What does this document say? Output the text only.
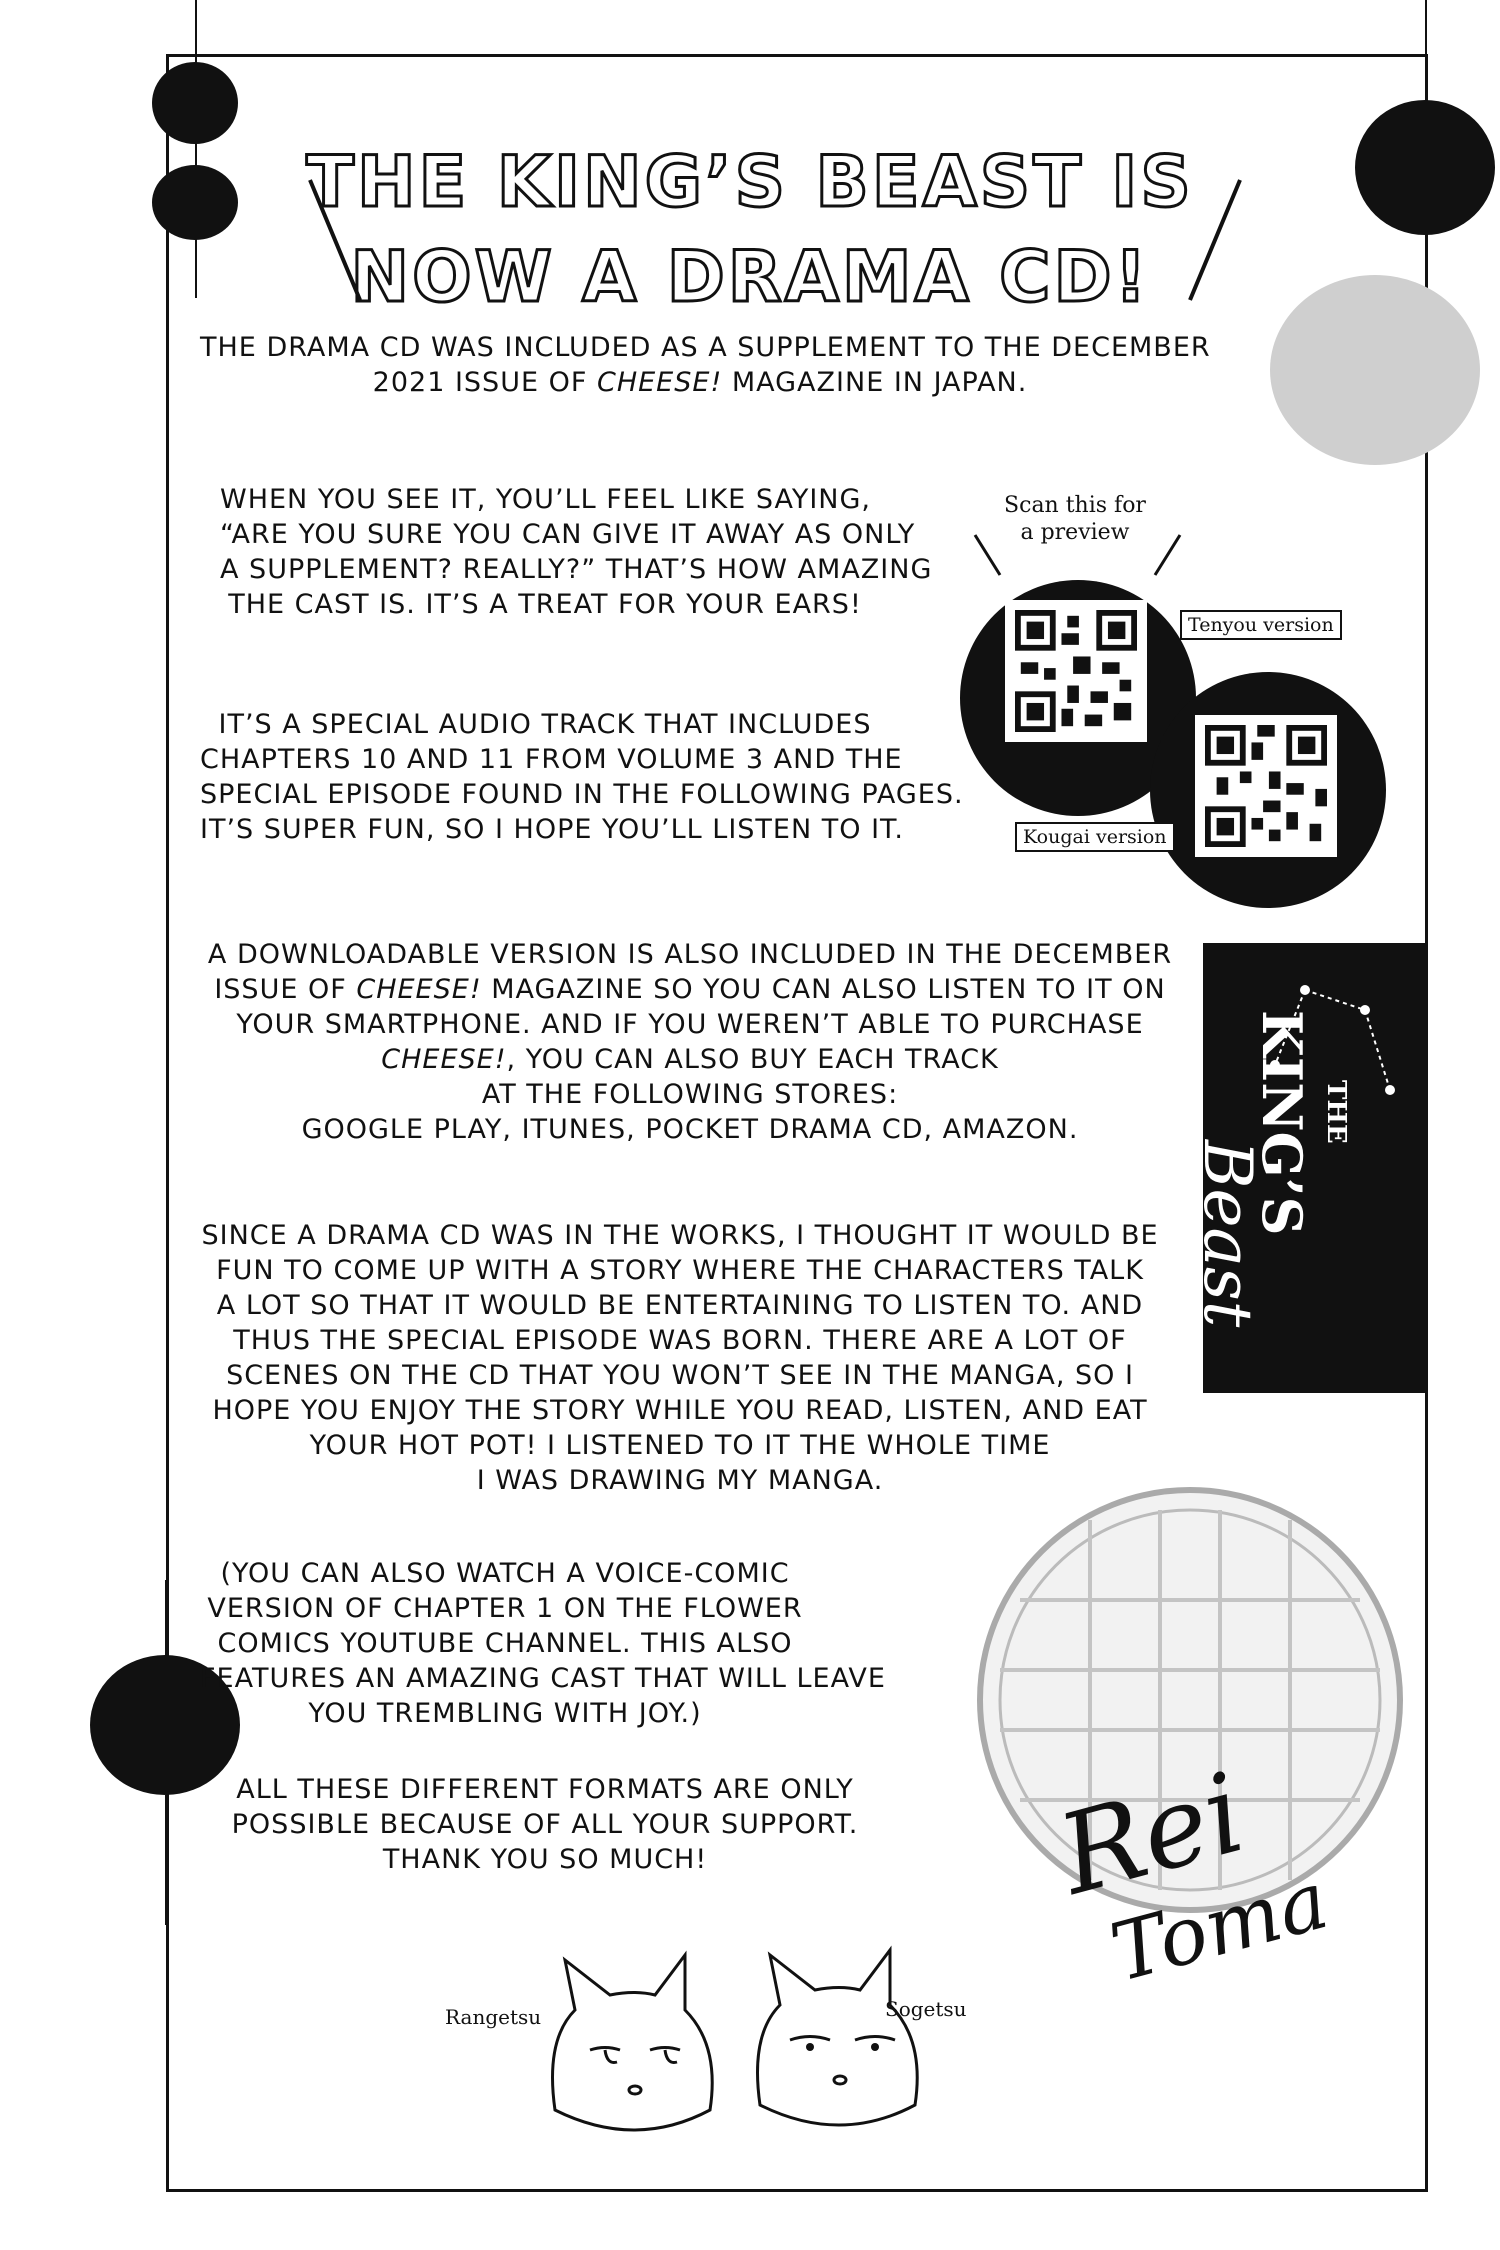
THE KING’S BEAST IS
NOW A DRAMA CD!
THE DRAMA CD WAS INCLUDED AS A SUPPLEMENT TO THE DECEMBER
2021 ISSUE OF CHEESE! MAGAZINE IN JAPAN.
WHEN YOU SEE IT, YOU’LL FEEL LIKE SAYING,
“ARE YOU SURE YOU CAN GIVE IT AWAY AS ONLY
A SUPPLEMENT? REALLY?” THAT’S HOW AMAZING
THE CAST IS. IT’S A TREAT FOR YOUR EARS!
IT’S A SPECIAL AUDIO TRACK THAT INCLUDES
CHAPTERS 10 AND 11 FROM VOLUME 3 AND THE
SPECIAL EPISODE FOUND IN THE FOLLOWING PAGES.
IT’S SUPER FUN, SO I HOPE YOU’LL LISTEN TO IT.
Scan this for
a preview
Tenyou version
Kougai version
A DOWNLOADABLE VERSION IS ALSO INCLUDED IN THE DECEMBER
ISSUE OF CHEESE! MAGAZINE SO YOU CAN ALSO LISTEN TO IT ON
YOUR SMARTPHONE. AND IF YOU WEREN’T ABLE TO PURCHASE
CHEESE!, YOU CAN ALSO BUY EACH TRACK
AT THE FOLLOWING STORES:
GOOGLE PLAY, ITUNES, POCKET DRAMA CD, AMAZON.	THE
KING’S
Beast
SINCE A DRAMA CD WAS IN THE WORKS, I THOUGHT IT WOULD BE
FUN TO COME UP WITH A STORY WHERE THE CHARACTERS TALK
A LOT SO THAT IT WOULD BE ENTERTAINING TO LISTEN TO. AND
THUS THE SPECIAL EPISODE WAS BORN. THERE ARE A LOT OF
SCENES ON THE CD THAT YOU WON’T SEE IN THE MANGA, SO I
HOPE YOU ENJOY THE STORY WHILE YOU READ, LISTEN, AND EAT
YOUR HOT POT! I LISTENED TO IT THE WHOLE TIME
I WAS DRAWING MY MANGA.
(YOU CAN ALSO WATCH A VOICE-COMIC
VERSION OF CHAPTER 1 ON THE FLOWER
COMICS YOUTUBE CHANNEL. THIS ALSO
FEATURES AN AMAZING CAST THAT WILL LEAVE
YOU TREMBLING WITH JOY.)
ALL THESE DIFFERENT FORMATS ARE ONLY
POSSIBLE BECAUSE OF ALL YOUR SUPPORT.
THANK YOU SO MUCH!	Rei
Toma
Rangetsu	Sogetsu
